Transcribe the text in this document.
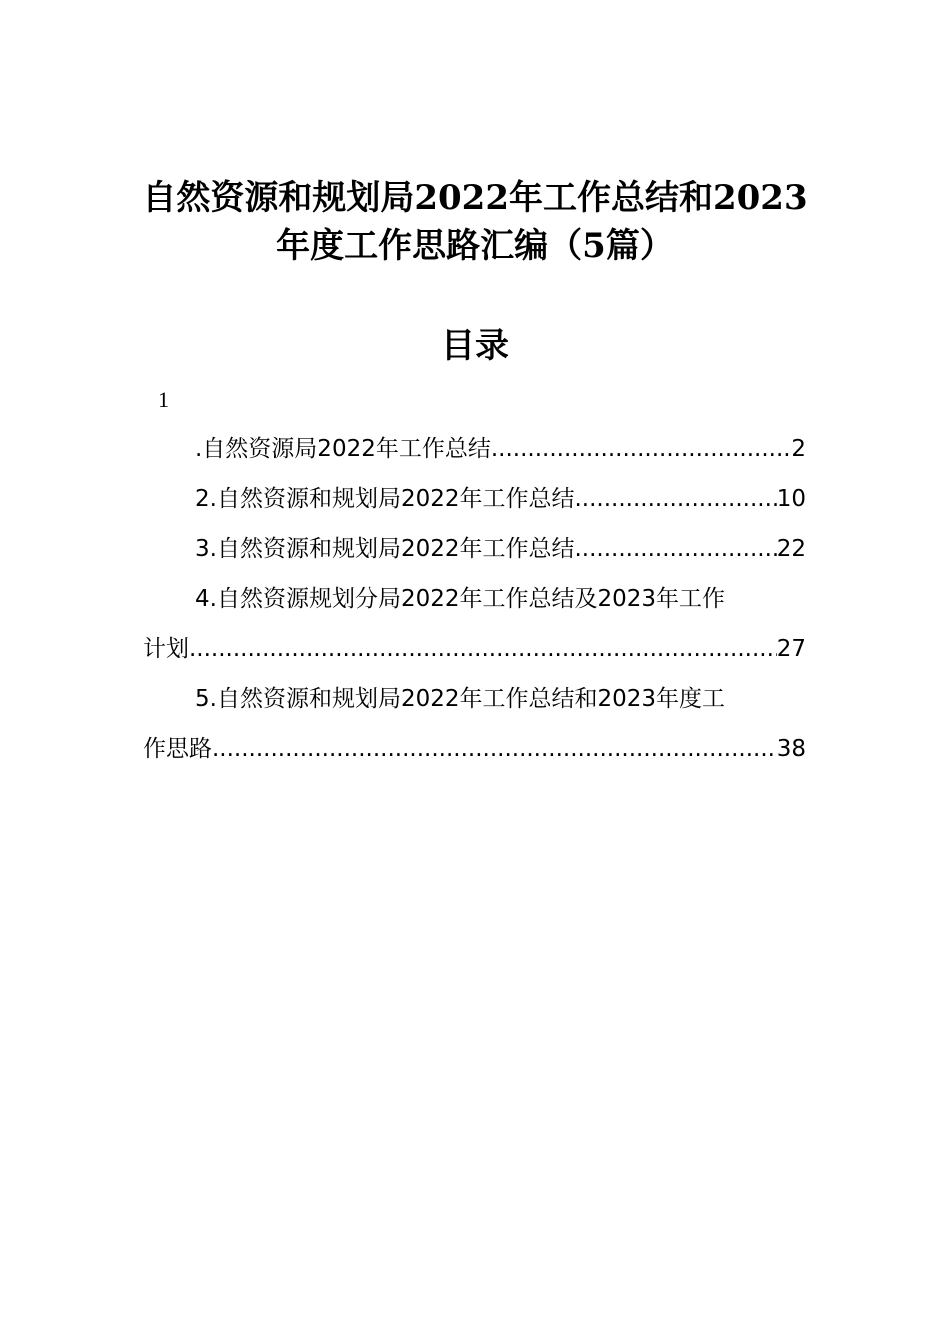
自然资源和规划局2022年工作总结和2023
年度工作思路汇编（5篇）
目录
1
.自然资源局2022年工作总结 .....	2
2.自然资源和规划局2022年工作总结 .....	10
3.自然资源和规划局2022年工作总结 .....	22
4.自然资源规划分局2022年工作总结及2023年工作
计划 .....	27
5.自然资源和规划局2022年工作总结和2023年度工
作思路 .....	38
